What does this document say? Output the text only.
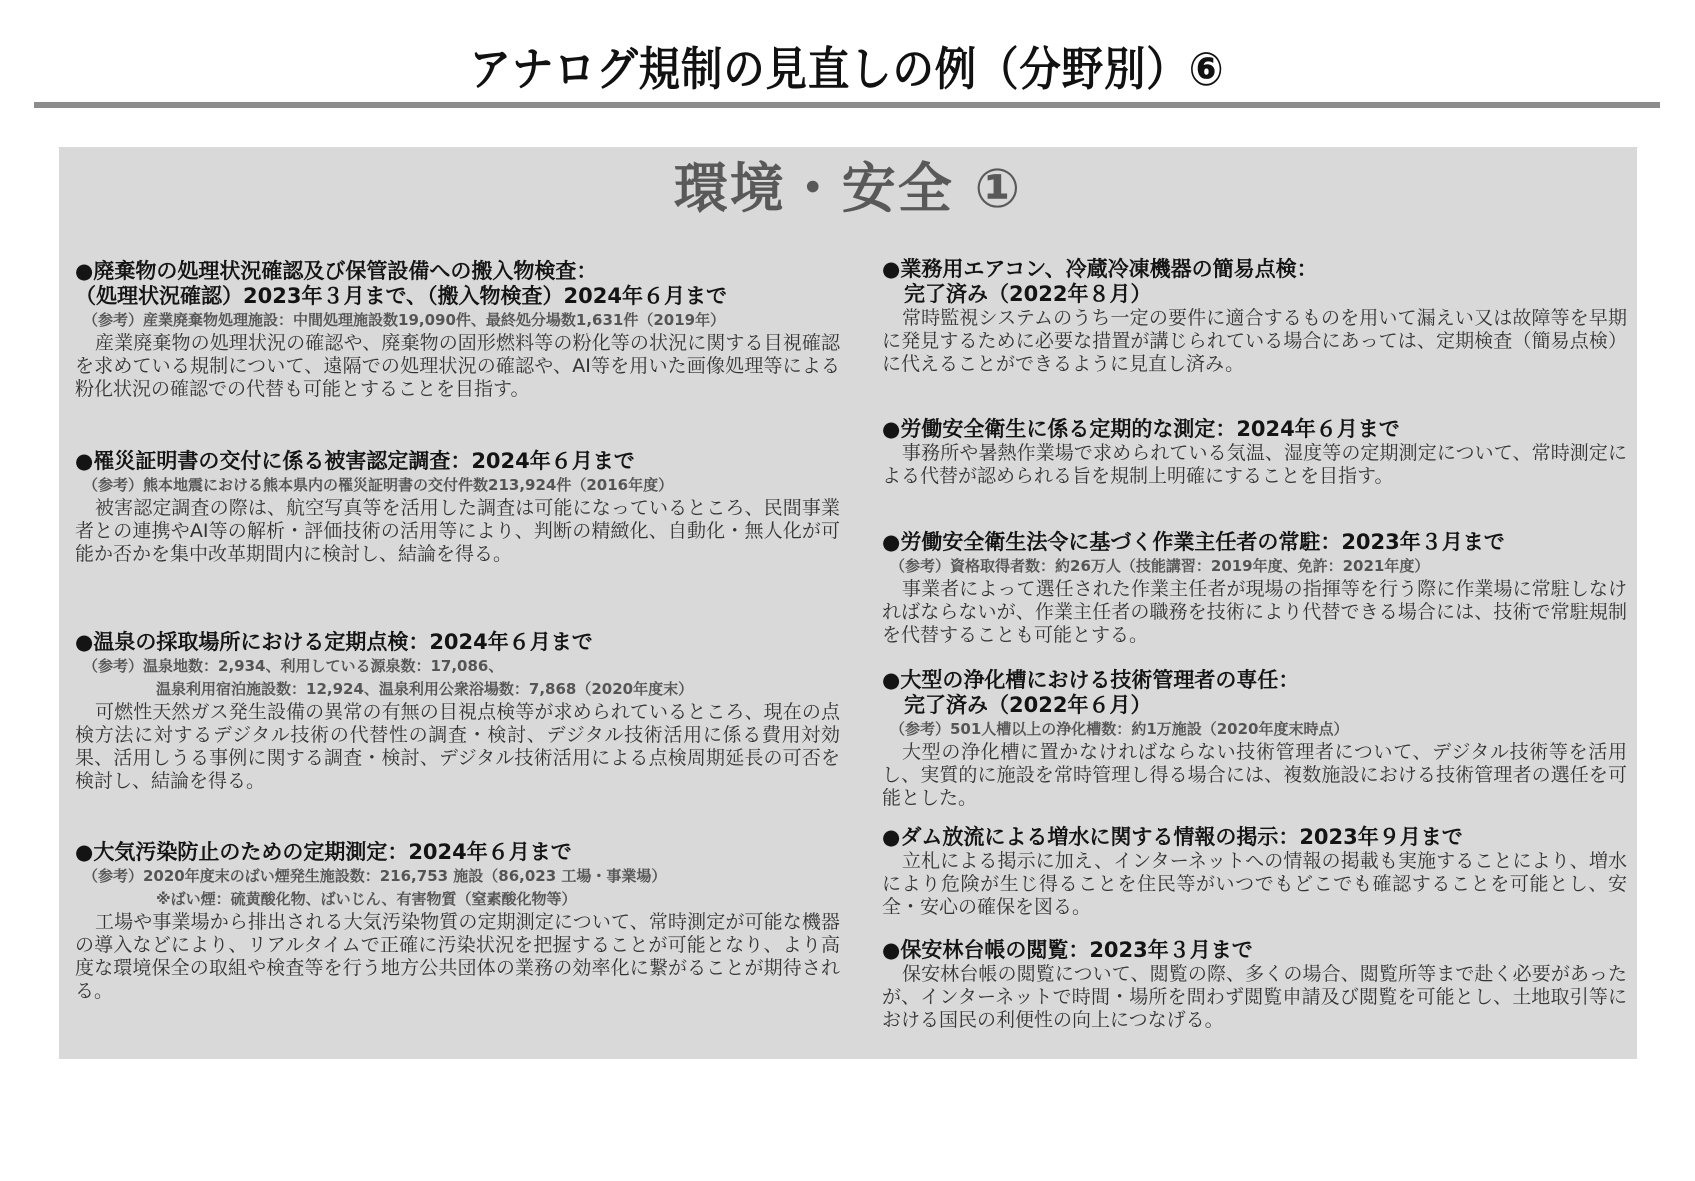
アナログ規制の見直しの例（分野別）⑥
環境・安全 ①
●廃棄物の処理状況確認及び保管設備への搬入物検査：
（処理状況確認）2023年３月まで、（搬入物検査）2024年６月まで
（参考）産業廃棄物処理施設：中間処理施設数19,090件、最終処分場数1,631件（2019年）

産業廃棄物の処理状況の確認や、廃棄物の固形燃料等の粉化等の状況に関する目視確認を求めている規制について、遠隔での処理状況の確認や、AI等を用いた画像処理等による粉化状況の確認での代替も可能とすることを目指す。

●罹災証明書の交付に係る被害認定調査：2024年６月まで
（参考）熊本地震における熊本県内の罹災証明書の交付件数213,924件（2016年度）

被害認定調査の際は、航空写真等を活用した調査は可能になっているところ、民間事業者との連携やAI等の解析・評価技術の活用等により、判断の精緻化、自動化・無人化が可能か否かを集中改革期間内に検討し、結論を得る。

●温泉の採取場所における定期点検：2024年６月まで
（参考）温泉地数：2,934、利用している源泉数：17,086、
温泉利用宿泊施設数：12,924、温泉利用公衆浴場数：7,868（2020年度末）

可燃性天然ガス発生設備の異常の有無の目視点検等が求められているところ、現在の点検方法に対するデジタル技術の代替性の調査・検討、デジタル技術活用に係る費用対効果、活用しうる事例に関する調査・検討、デジタル技術活用による点検周期延長の可否を検討し、結論を得る。

●大気汚染防止のための定期測定：2024年６月まで
（参考）2020年度末のばい煙発生施設数：216,753 施設（86,023 工場・事業場）
※ばい煙：硫黄酸化物、ばいじん、有害物質（窒素酸化物等）

工場や事業場から排出される大気汚染物質の定期測定について、常時測定が可能な機器の導入などにより、リアルタイムで正確に汚染状況を把握することが可能となり、より高度な環境保全の取組や検査等を行う地方公共団体の業務の効率化に繋がることが期待される。

●業務用エアコン、冷蔵冷凍機器の簡易点検：
完了済み（2022年８月）

常時監視システムのうち一定の要件に適合するものを用いて漏えい又は故障等を早期に発見するために必要な措置が講じられている場合にあっては、定期検査（簡易点検）に代えることができるように見直し済み。

●労働安全衛生に係る定期的な測定：2024年６月まで

事務所や暑熱作業場で求められている気温、湿度等の定期測定について、常時測定による代替が認められる旨を規制上明確にすることを目指す。

●労働安全衛生法令に基づく作業主任者の常駐：2023年３月まで
（参考）資格取得者数：約26万人（技能講習：2019年度、免許：2021年度）

事業者によって選任された作業主任者が現場の指揮等を行う際に作業場に常駐しなければならないが、作業主任者の職務を技術により代替できる場合には、技術で常駐規制を代替することも可能とする。

●大型の浄化槽における技術管理者の専任：
完了済み（2022年６月）
（参考）501人槽以上の浄化槽数：約1万施設（2020年度末時点）

大型の浄化槽に置かなければならない技術管理者について、デジタル技術等を活用し、実質的に施設を常時管理し得る場合には、複数施設における技術管理者の選任を可能とした。

●ダム放流による増水に関する情報の掲示：2023年９月まで

立札による掲示に加え、インターネットへの情報の掲載も実施することにより、増水により危険が生じ得ることを住民等がいつでもどこでも確認することを可能とし、安全・安心の確保を図る。

●保安林台帳の閲覧：2023年３月まで

保安林台帳の閲覧について、閲覧の際、多くの場合、閲覧所等まで赴く必要があったが、インターネットで時間・場所を問わず閲覧申請及び閲覧を可能とし、土地取引等における国民の利便性の向上につなげる。
